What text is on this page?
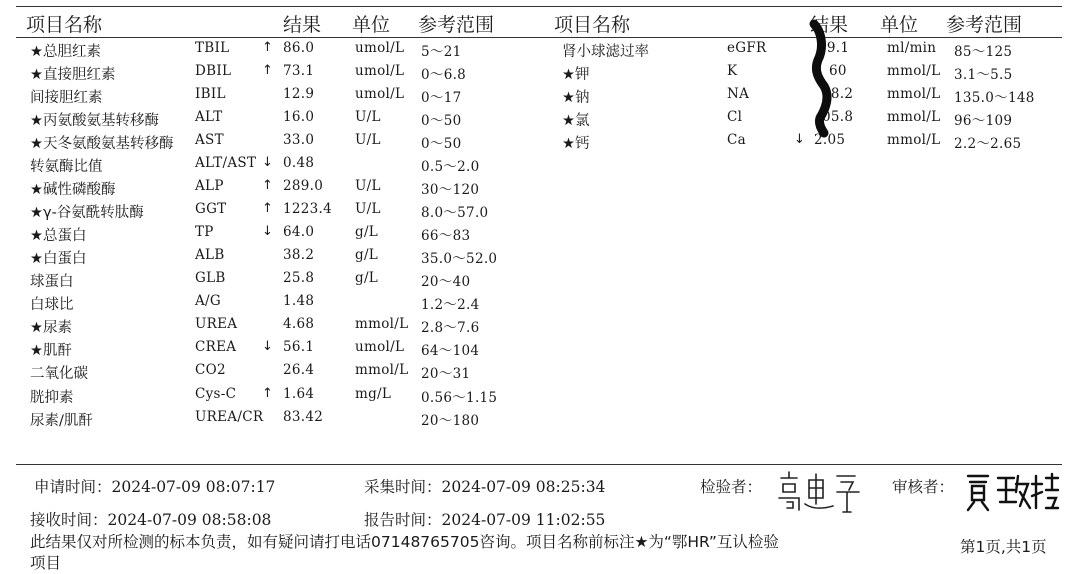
项目名称	结果 单位 参考范围	项目名称	结果 单位 参考范围
★总胆红素	TBIL	↑ 86.0	umol/L 5～21
★直接胆红素	DBIL ↑ 73.1	umol/L 0～6.8
间接胆红素	IBIL	12.9	umol/L 0～17
★丙氨酸氨基转移酶	ALT	16.0	U/L	0～50
★天冬氨酸氨基转移酶 AST	33.0	U/L	0～50
转氨酶比值	ALT/AST ↓ 0.48	0.5～2.0
★碱性磷酸酶	ALP	↑ 289.0 U/L	30～120
★γ-谷氨酰转肽酶	GGT	↑ 1223.4 U/L	8.0～57.0
★总蛋白	TP	↓ 64.0	g/L	66～83
★白蛋白	ALB	38.2	g/L	35.0～52.0
球蛋白	GLB	25.8	g/L	20～40
白球比	A/G	1.48	1.2～2.4
★尿素	UREA	4.68	mmol/L 2.8～7.6
★肌酐	CREA ↓ 56.1	umol/L 64～104
二氧化碳	CO2	26.4	mmol/L 20～31
胱抑素	Cys-C ↑ 1.64	mg/L 0.56～1.15
尿素/肌酐	UREA/CR 83.42	20～180
肾小球滤过率	eGFR	29.1	ml/min 85～125
★钾	K	60	mmol/L 3.1～5.5
★钠	NA	38.2 mmol/L 135.0～148
★氯	Cl	05.8 mmol/L 96～109
★钙	Ca	↓ 2.05	mmol/L 2.2～2.65
申请时间：2024-07-09 08:07:17	采集时间：2024-07-09 08:25:34	检验者：	审核者：
接收时间：2024-07-09 08:58:08	报告时间：2024-07-09 11:02:55
此结果仅对所检测的标本负责，如有疑问请打电话07148765705咨询。项目名称前标注★为“鄂HR”互认检验
项目
第1页,共1页
